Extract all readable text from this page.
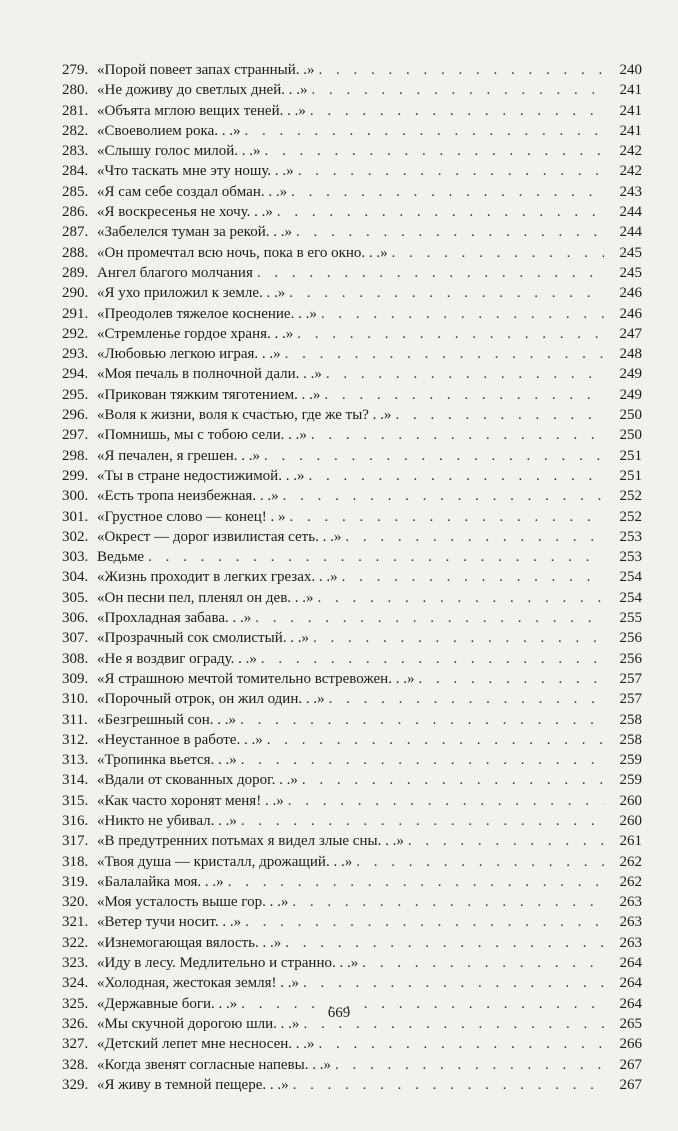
279. «Порой повеет запах странный. .» . . .	240
280. «Не доживу до светлых дней. . .» . . .	241
281. «Объята мглою вещих теней. . .» . . .	241
282. «Своеволием рока. . .» . . .	241
283. «Слышу голос милой. . .» . . .	242
284. «Что таскать мне эту ношу. . .» . . .	242
285. «Я сам себе создал обман. . .» . . .	243
286. «Я воскресенья не хочу. . .» . . .	244
287. «Забелелся туман за рекой. . .» . . .	244
288. «Он промечтал всю ночь, пока в его окно. . .» . . .	245
289. Ангел благого молчания . . .	245
290. «Я ухо приложил к земле. . .» . . .	246
291. «Преодолев тяжелое коснение. . .» . . .	246
292. «Стремленье гордое храня. . .» . . .	247
293. «Любовью легкою играя. . .» . . .	248
294. «Моя печаль в полночной дали. . .» . . .	249
295. «Прикован тяжким тяготением. . .» . . .	249
296. «Воля к жизни, воля к счастью, где же ты? . .» . . .	250
297. «Помнишь, мы с тобою сели. . .» . . .	250
298. «Я печален, я грешен. . .» . . .	251
299. «Ты в стране недостижимой. . .» . . .	251
300. «Есть тропа неизбежная. . .» . . .	252
301. «Грустное слово — конец! . » . . .	252
302. «Окрест — дорог извилистая сеть. . .» . . .	253
303. Ведьме . . .	253
304. «Жизнь проходит в легких грезах. . .» . . .	254
305. «Он песни пел, пленял он дев. . .» . . .	254
306. «Прохладная забава. . .» . . .	255
307. «Прозрачный сок смолистый. . .» . . .	256
308. «Не я воздвиг ограду. . .» . . .	256
309. «Я страшною мечтой томительно встревожен. . .» . . .	257
310. «Порочный отрок, он жил один. . .» . . .	257
311. «Безгрешный сон. . .» . . .	258
312. «Неустанное в работе. . .» . . .	258
313. «Тропинка вьется. . .» . . .	259
314. «Вдали от скованных дорог. . .» . . .	259
315. «Как часто хоронят меня! . .» . . .	260
316. «Никто не убивал. . .» . . .	260
317. «В предутренних потьмах я видел злые сны. . .» . . .	261
318. «Твоя душа — кристалл, дрожащий. . .» . . .	262
319. «Балалайка моя. . .» . . .	262
320. «Моя усталость выше гор. . .» . . .	263
321. «Ветер тучи носит. . .» . . .	263
322. «Изнемогающая вялость. . .» . . .	263
323. «Иду в лесу. Медлительно и странно. . .» . . .	264
324. «Холодная, жестокая земля! . .» . . .	264
325. «Державные боги. . .» . . .	264
326. «Мы скучной дорогою шли. . .» . . .	265
327. «Детский лепет мне несносен. . .» . . .	266
328. «Когда звенят согласные напевы. . .» . . .	267
329. «Я живу в темной пещере. . .» . . .	267
669
